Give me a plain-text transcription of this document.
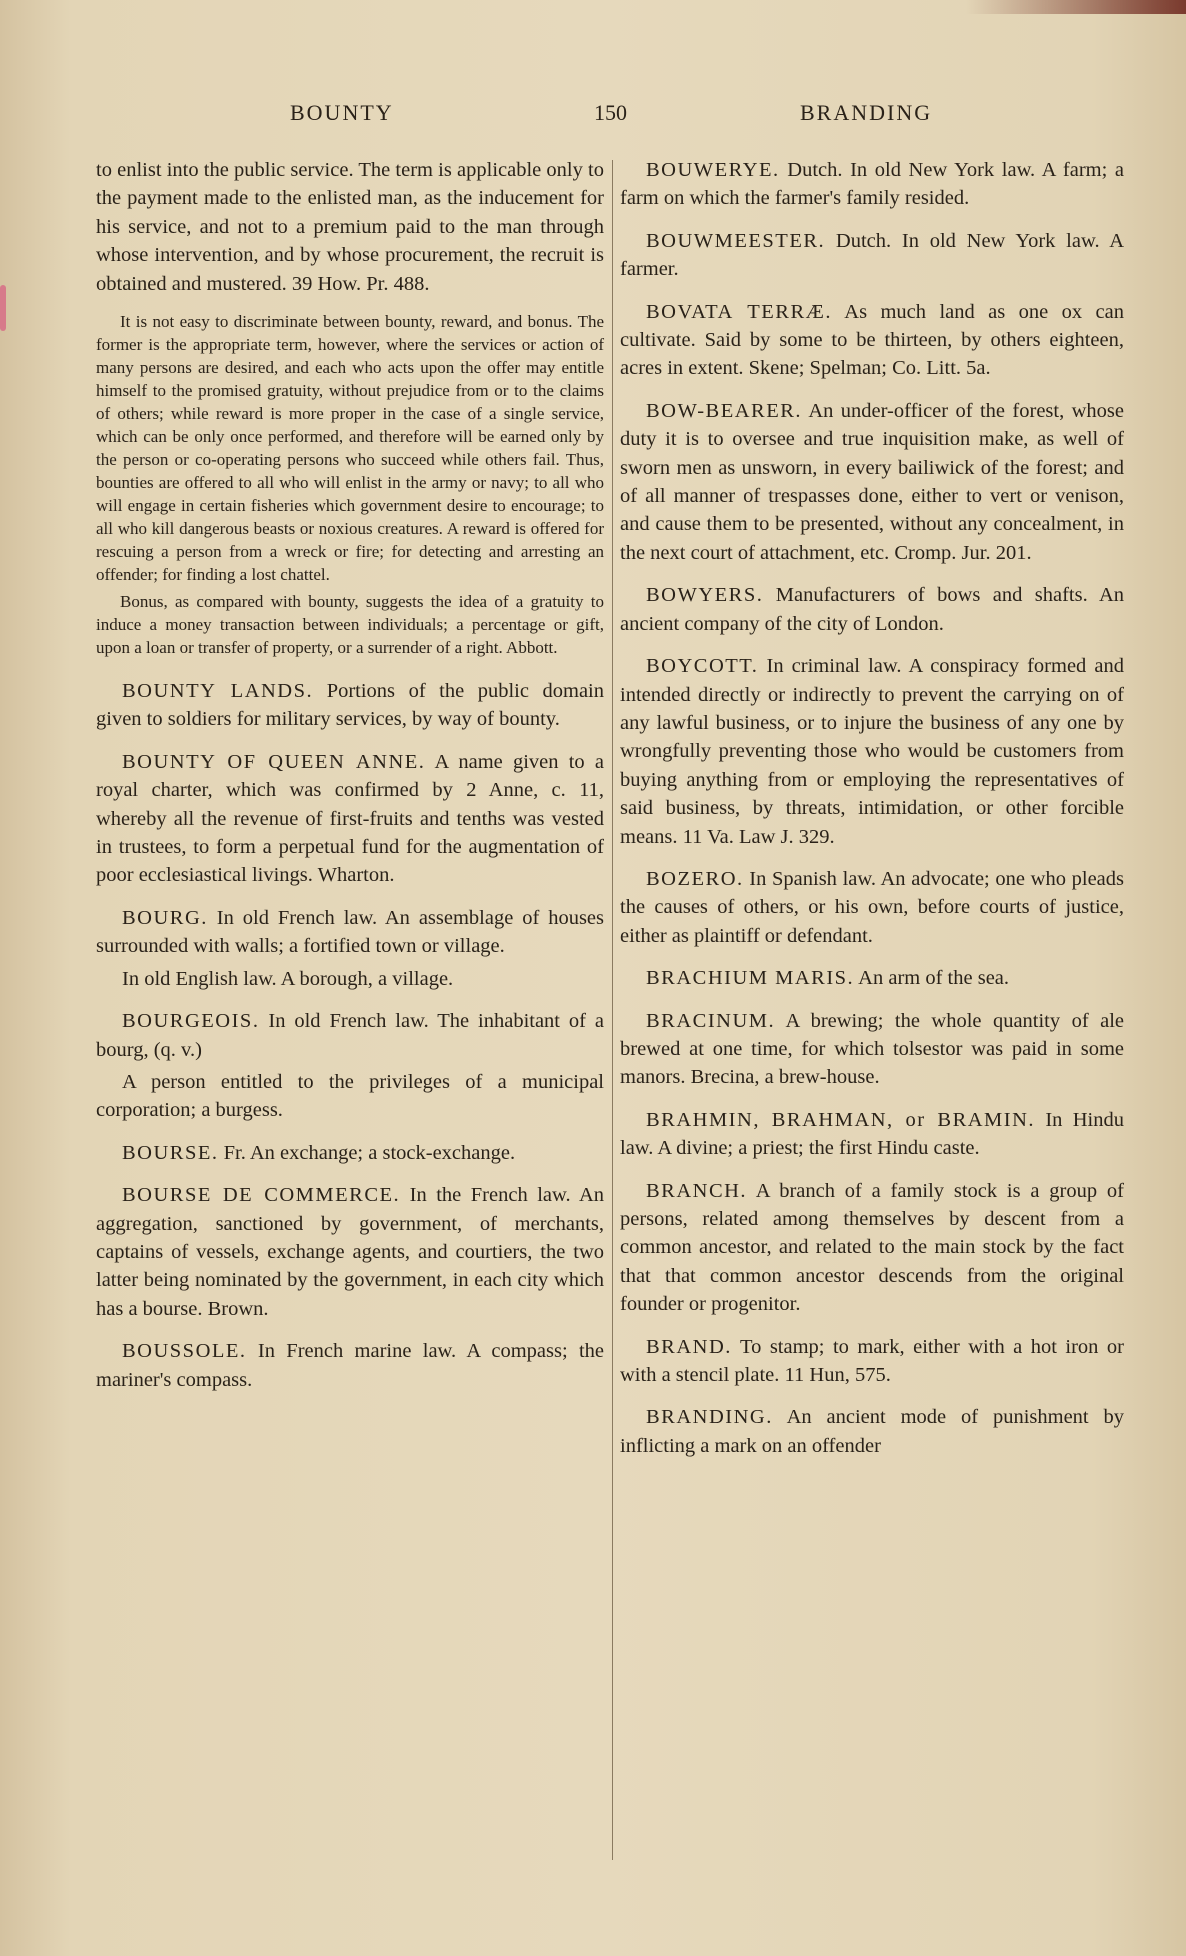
BOUNTY	150	BRANDING

to enlist into the public service. The term is applicable only to the payment made to the enlisted man, as the inducement for his service, and not to a premium paid to the man through whose intervention, and by whose procurement, the recruit is obtained and mustered. 39 How. Pr. 488.

It is not easy to discriminate between bounty, reward, and bonus. The former is the appropriate term, however, where the services or action of many persons are desired, and each who acts upon the offer may entitle himself to the promised gratuity, without prejudice from or to the claims of others; while reward is more proper in the case of a single service, which can be only once performed, and therefore will be earned only by the person or co-operating persons who succeed while others fail. Thus, bounties are offered to all who will enlist in the army or navy; to all who will engage in certain fisheries which government desire to encourage; to all who kill dangerous beasts or noxious creatures. A reward is offered for rescuing a person from a wreck or fire; for detecting and arresting an offender; for finding a lost chattel.

Bonus, as compared with bounty, suggests the idea of a gratuity to induce a money transaction between individuals; a percentage or gift, upon a loan or transfer of property, or a surrender of a right. Abbott.

BOUNTY LANDS. Portions of the public domain given to soldiers for military services, by way of bounty.

BOUNTY OF QUEEN ANNE. A name given to a royal charter, which was confirmed by 2 Anne, c. 11, whereby all the revenue of first-fruits and tenths was vested in trustees, to form a perpetual fund for the augmentation of poor ecclesiastical livings. Wharton.

BOURG. In old French law. An assemblage of houses surrounded with walls; a fortified town or village.

In old English law. A borough, a village.

BOURGEOIS. In old French law. The inhabitant of a bourg, (q. v.)

A person entitled to the privileges of a municipal corporation; a burgess.

BOURSE. Fr. An exchange; a stock-exchange.

BOURSE DE COMMERCE. In the French law. An aggregation, sanctioned by government, of merchants, captains of vessels, exchange agents, and courtiers, the two latter being nominated by the government, in each city which has a bourse. Brown.

BOUSSOLE. In French marine law. A compass; the mariner's compass.

BOUWERYE. Dutch. In old New York law. A farm; a farm on which the farmer's family resided.

BOUWMEESTER. Dutch. In old New York law. A farmer.

BOVATA TERRÆ. As much land as one ox can cultivate. Said by some to be thirteen, by others eighteen, acres in extent. Skene; Spelman; Co. Litt. 5a.

BOW-BEARER. An under-officer of the forest, whose duty it is to oversee and true inquisition make, as well of sworn men as unsworn, in every bailiwick of the forest; and of all manner of trespasses done, either to vert or venison, and cause them to be presented, without any concealment, in the next court of attachment, etc. Cromp. Jur. 201.

BOWYERS. Manufacturers of bows and shafts. An ancient company of the city of London.

BOYCOTT. In criminal law. A conspiracy formed and intended directly or indirectly to prevent the carrying on of any lawful business, or to injure the business of any one by wrongfully preventing those who would be customers from buying anything from or employing the representatives of said business, by threats, intimidation, or other forcible means. 11 Va. Law J. 329.

BOZERO. In Spanish law. An advocate; one who pleads the causes of others, or his own, before courts of justice, either as plaintiff or defendant.

BRACHIUM MARIS. An arm of the sea.

BRACINUM. A brewing; the whole quantity of ale brewed at one time, for which tolsestor was paid in some manors. Brecina, a brew-house.

BRAHMIN, BRAHMAN, or BRAMIN. In Hindu law. A divine; a priest; the first Hindu caste.

BRANCH. A branch of a family stock is a group of persons, related among themselves by descent from a common ancestor, and related to the main stock by the fact that that common ancestor descends from the original founder or progenitor.

BRAND. To stamp; to mark, either with a hot iron or with a stencil plate. 11 Hun, 575.

BRANDING. An ancient mode of punishment by inflicting a mark on an offender
